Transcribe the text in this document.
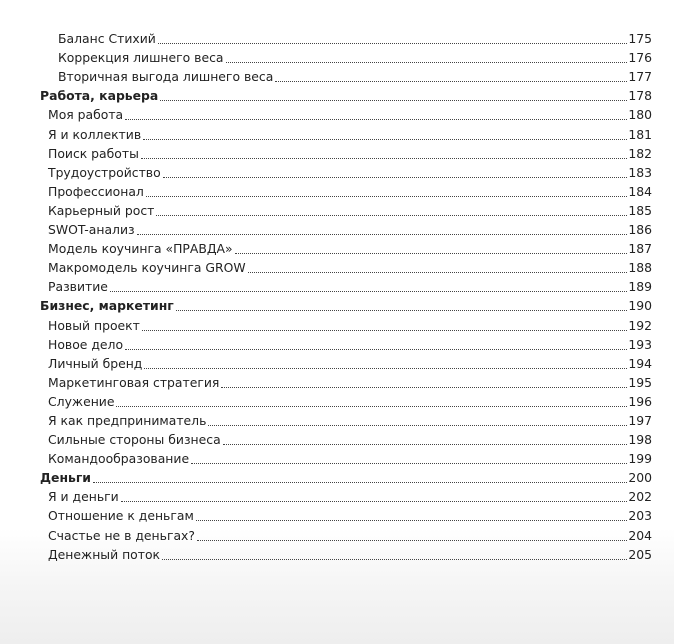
Баланс Стихий	175
Коррекция лишнего веса	176
Вторичная выгода лишнего веса	177
Работа, карьера	178
Моя работа	180
Я и коллектив	181
Поиск работы	182
Трудоустройство	183
Профессионал	184
Карьерный рост	185
SWOT-анализ	186
Модель коучинга «ПРАВДА»	187
Макромодель коучинга GROW	188
Развитие	189
Бизнес, маркетинг	190
Новый проект	192
Новое дело	193
Личный бренд	194
Маркетинговая стратегия	195
Служение	196
Я как предприниматель	197
Сильные стороны бизнеса	198
Командообразование	199
Деньги	200
Я и деньги	202
Отношение к деньгам	203
Счастье не в деньгах?	204
Денежный поток	205
